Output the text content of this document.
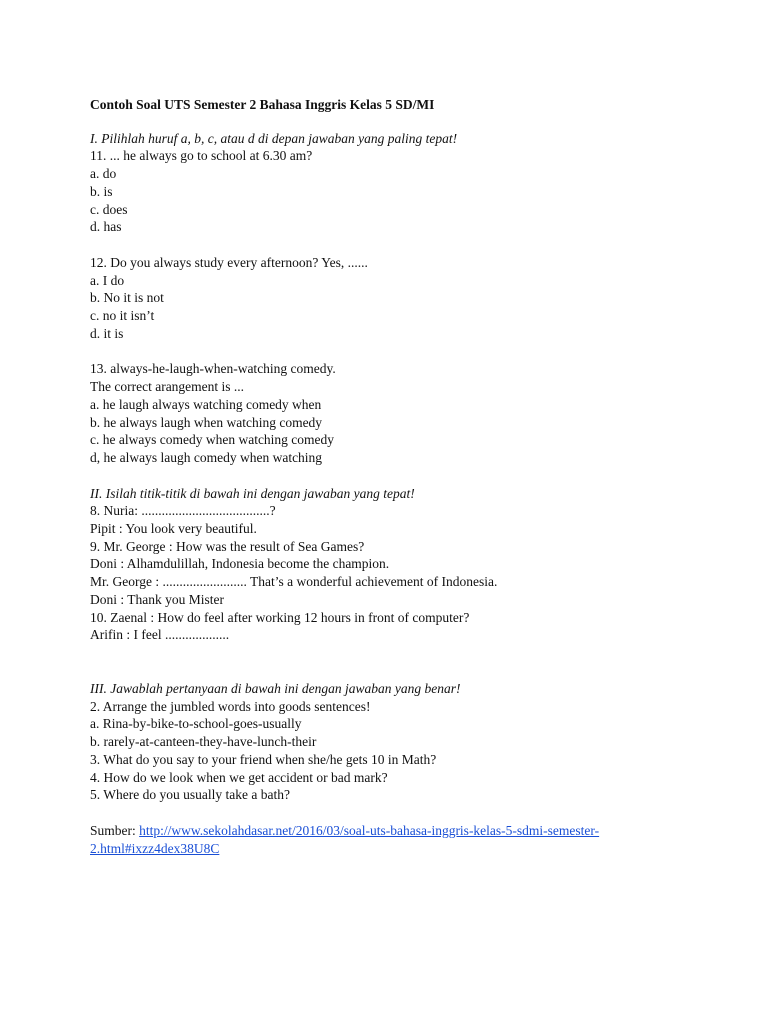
Contoh Soal UTS Semester 2 Bahasa Inggris Kelas 5 SD/MI
I. Pilihlah huruf a, b, c, atau d di depan jawaban yang paling tepat!
11. ... he always go to school at 6.30 am?
a. do
b. is
c. does
d. has
12. Do you always study every afternoon? Yes, ......
a. I do
b. No it is not
c. no it isn’t
d. it is
13. always-he-laugh-when-watching comedy.
The correct arangement is ...
a. he laugh always watching comedy when
b. he always laugh when watching comedy
c. he always comedy when watching comedy
d, he always laugh comedy when watching
II. Isilah titik-titik di bawah ini dengan jawaban yang tepat!
8. Nuria: ......................................?
Pipit : You look very beautiful.
9. Mr. George : How was the result of Sea Games?
Doni : Alhamdulillah, Indonesia become the champion.
Mr. George : ......................... That’s a wonderful achievement of Indonesia.
Doni : Thank you Mister
10. Zaenal : How do feel after working 12 hours in front of computer?
Arifin : I feel ...................
III. Jawablah pertanyaan di bawah ini dengan jawaban yang benar!
2. Arrange the jumbled words into goods sentences!
a. Rina-by-bike-to-school-goes-usually
b. rarely-at-canteen-they-have-lunch-their
3. What do you say to your friend when she/he gets 10 in Math?
4. How do we look when we get accident or bad mark?
5. Where do you usually take a bath?
Sumber: http://www.sekolahdasar.net/2016/03/soal-uts-bahasa-inggris-kelas-5-sdmi-semester-
2.html#ixzz4dex38U8C
